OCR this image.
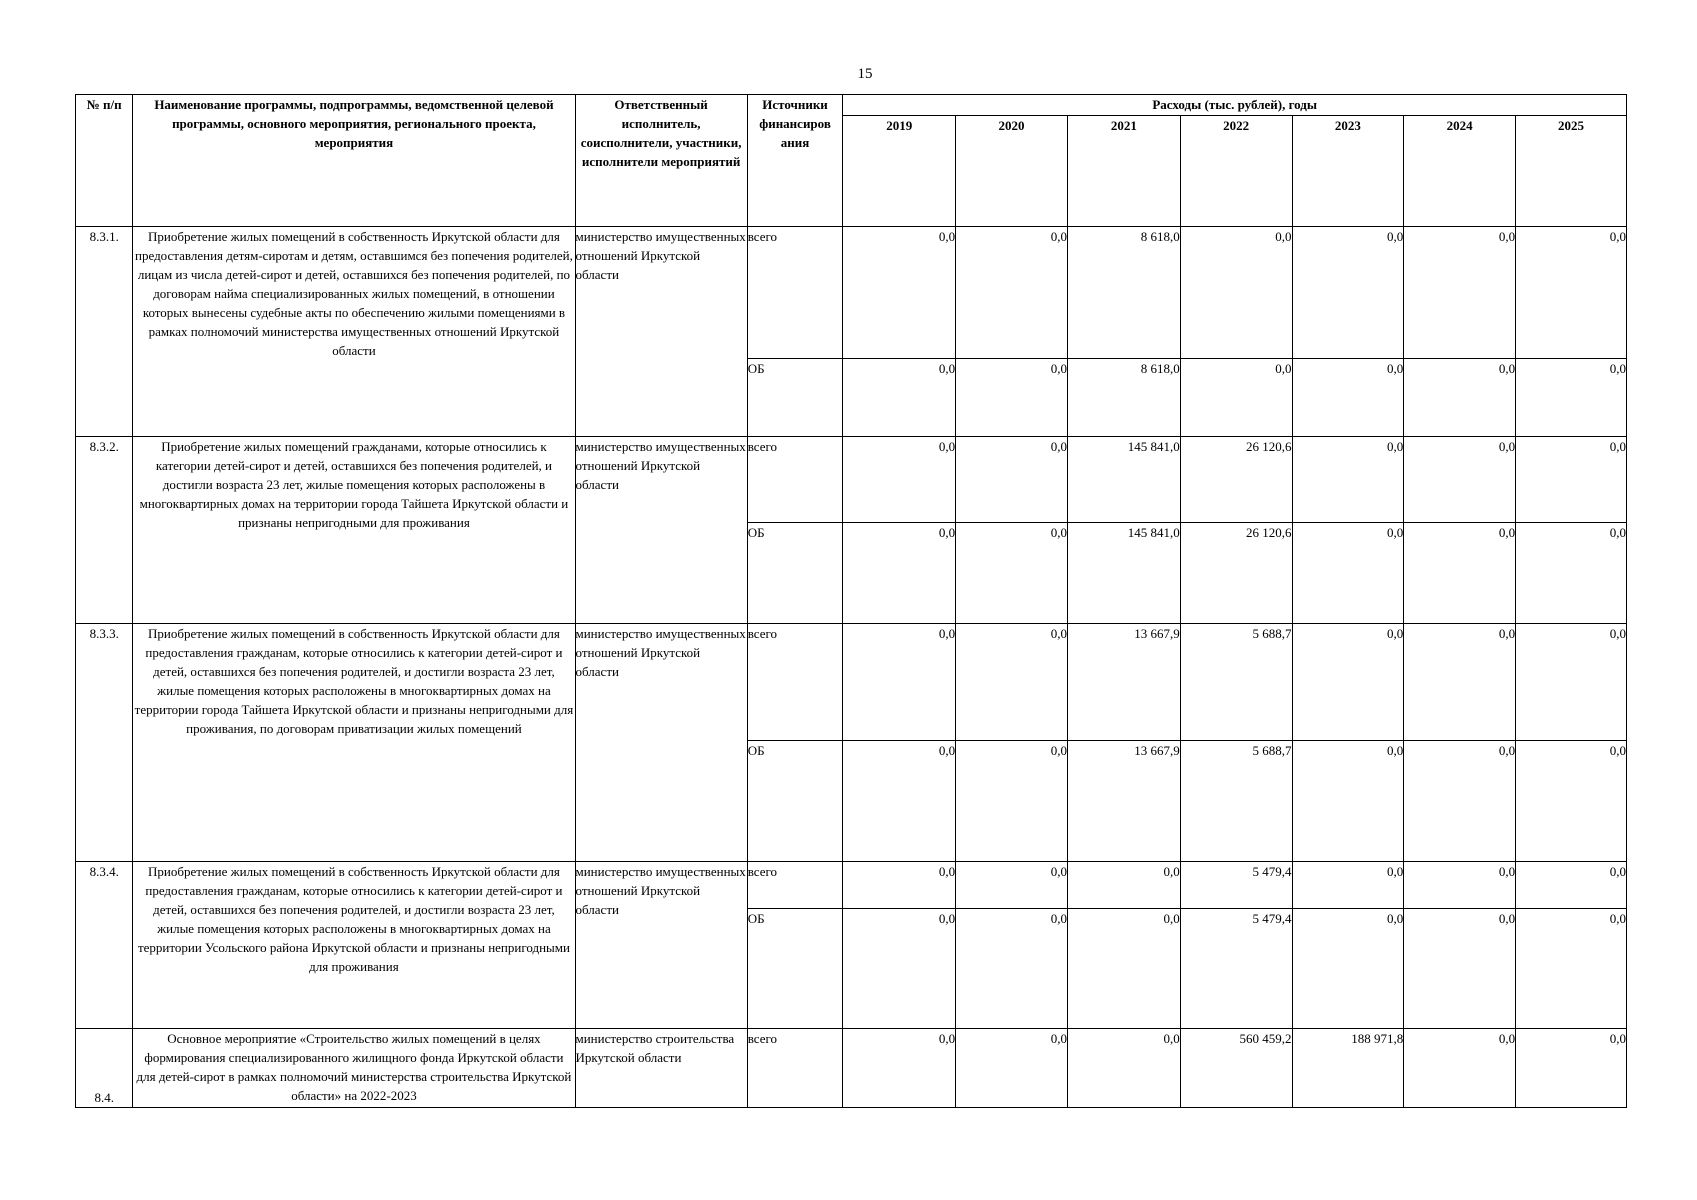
15
№ п/п	Наименование программы, подпрограммы, ведомственной целевой программы, основного мероприятия, регионального проекта, мероприятия	Ответственный исполнитель, соисполнители, участники, исполнители мероприятий	Источники финансиров ания	Расходы (тыс. рублей), годы						
				2019	2020	2021	2022	2023	2024	2025
8.3.1.	Приобретение жилых помещений в собственность Иркутской области для предоставления детям-сиротам и детям, оставшимся без попечения родителей, лицам из числа детей-сирот и детей, оставшихся без попечения родителей, по договорам найма специализированных жилых помещений, в отношении которых вынесены судебные акты по обеспечению жилыми помещениями в рамках полномочий министерства имущественных отношений Иркутской области	министерство имущественных отношений Иркутской области	всего	0,0	0,0	8 618,0	0,0	0,0	0,0	0,0
			ОБ	0,0	0,0	8 618,0	0,0	0,0	0,0	0,0
8.3.2.	Приобретение жилых помещений гражданами, которые относились к категории детей-сирот и детей, оставшихся без попечения родителей, и достигли возраста 23 лет, жилые помещения которых расположены в многоквартирных домах на территории города Тайшета Иркутской области и признаны непригодными для проживания	министерство имущественных отношений Иркутской области	всего	0,0	0,0	145 841,0	26 120,6	0,0	0,0	0,0
			ОБ	0,0	0,0	145 841,0	26 120,6	0,0	0,0	0,0
8.3.3.	Приобретение жилых помещений в собственность Иркутской области для предоставления гражданам, которые относились к категории детей-сирот и детей, оставшихся без попечения родителей, и достигли возраста 23 лет, жилые помещения которых расположены в многоквартирных домах на территории города Тайшета Иркутской области и признаны непригодными для проживания, по договорам приватизации жилых помещений	министерство имущественных отношений Иркутской области	всего	0,0	0,0	13 667,9	5 688,7	0,0	0,0	0,0
			ОБ	0,0	0,0	13 667,9	5 688,7	0,0	0,0	0,0
8.3.4.	Приобретение жилых помещений в собственность Иркутской области для предоставления гражданам, которые относились к категории детей-сирот и детей, оставшихся без попечения родителей, и достигли возраста 23 лет, жилые помещения которых расположены в многоквартирных домах на территории Усольского района Иркутской области и признаны непригодными для проживания	министерство имущественных отношений Иркутской области	всего	0,0	0,0	0,0	5 479,4	0,0	0,0	0,0
			ОБ	0,0	0,0	0,0	5 479,4	0,0	0,0	0,0
8.4.	Основное мероприятие «Строительство жилых помещений в целях формирования специализированного жилищного фонда Иркутской области для детей-сирот в рамках полномочий министерства строительства Иркутской области» на 2022-2023	министерство строительства Иркутской области	всего	0,0	0,0	0,0	560 459,2	188 971,8	0,0	0,0
